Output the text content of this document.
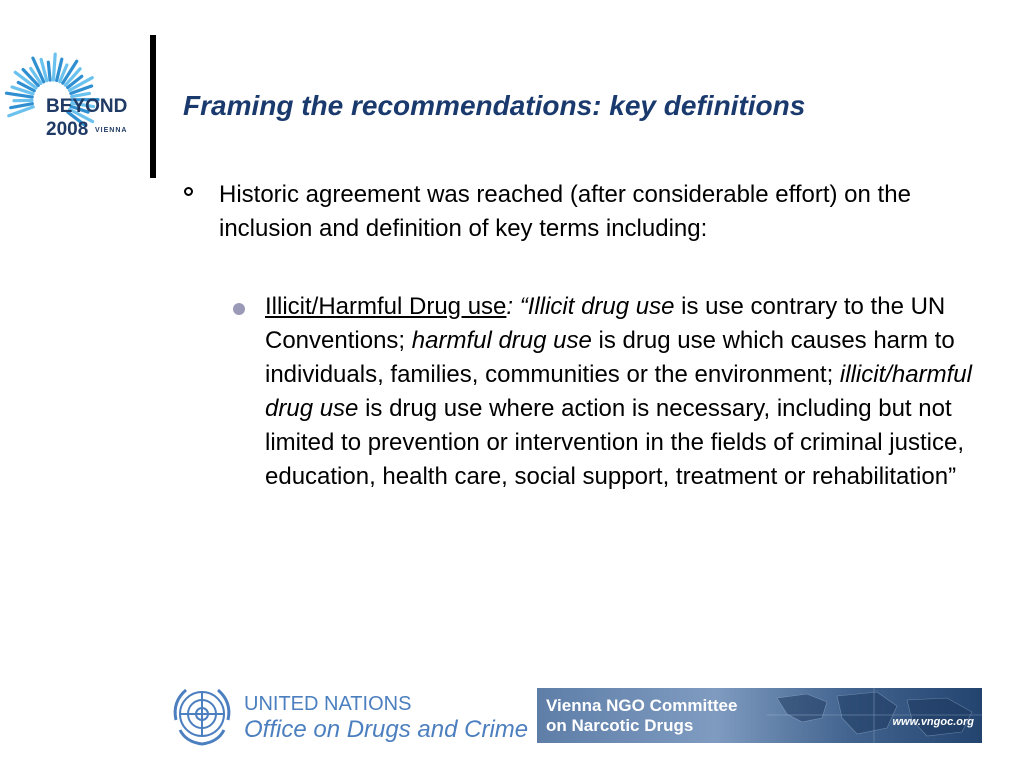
BEYOND
2008 VIENNA
Framing the recommendations: key definitions
Historic agreement was reached (after considerable effort) on the inclusion and definition of key terms including:
Illicit/Harmful Drug use: “Illicit drug use is use contrary to the UN Conventions; harmful drug use is drug use which causes harm to individuals, families, communities or the environment; illicit/harmful drug use is drug use where action is necessary, including but not limited to prevention or intervention in the fields of criminal justice, education, health care, social support, treatment or rehabilitation”
UNITED NATIONS
Office on Drugs and Crime
Vienna NGO Committee
on Narcotic Drugs	www.vngoc.org
